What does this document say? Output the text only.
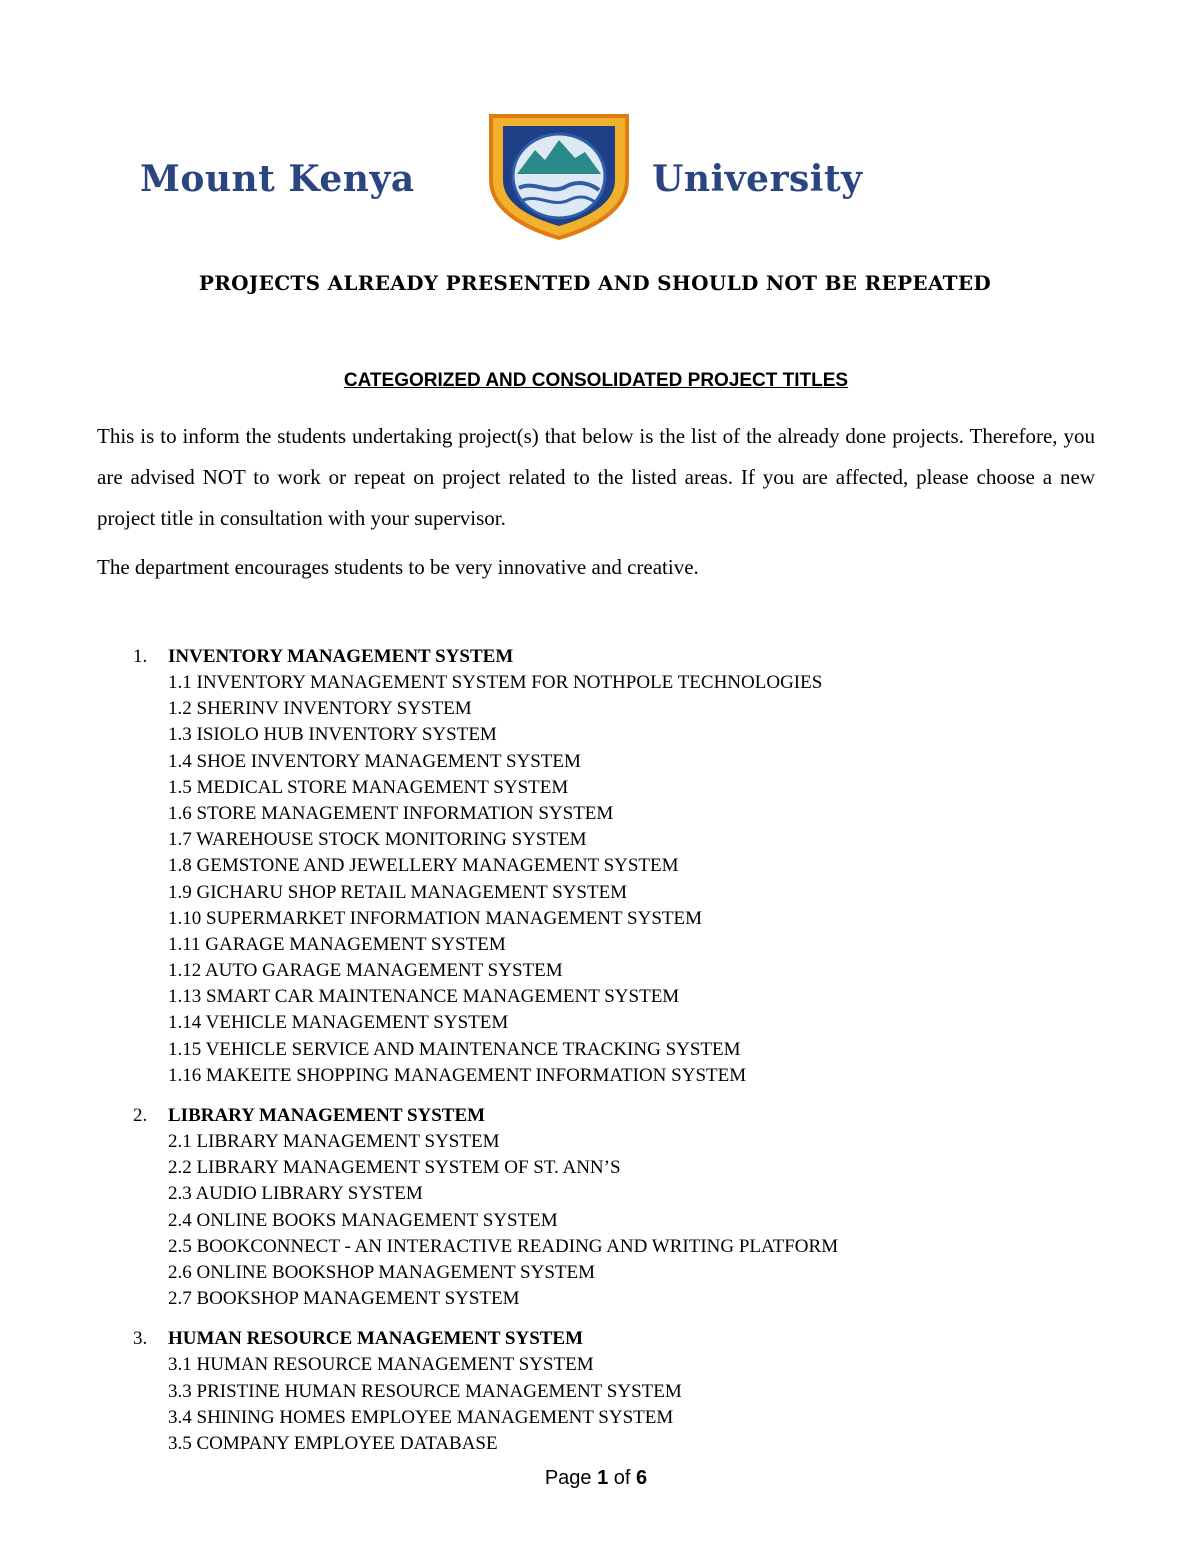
Mount Kenya	University
PROJECTS ALREADY PRESENTED AND SHOULD NOT BE REPEATED
CATEGORIZED AND CONSOLIDATED PROJECT TITLES

This is to inform the students undertaking project(s) that below is the list of the already done projects. Therefore, you are advised NOT to work or repeat on project related to the listed areas. If you are affected, please choose a new project title in consultation with your supervisor.

The department encourages students to be very innovative and creative.
1. INVENTORY MANAGEMENT SYSTEM
1.1 INVENTORY MANAGEMENT SYSTEM FOR NOTHPOLE TECHNOLOGIES
1.2 SHERINV INVENTORY SYSTEM
1.3 ISIOLO HUB INVENTORY SYSTEM
1.4 SHOE INVENTORY MANAGEMENT SYSTEM
1.5 MEDICAL STORE MANAGEMENT SYSTEM
1.6 STORE MANAGEMENT INFORMATION SYSTEM
1.7 WAREHOUSE STOCK MONITORING SYSTEM
1.8 GEMSTONE AND JEWELLERY MANAGEMENT SYSTEM
1.9 GICHARU SHOP RETAIL MANAGEMENT SYSTEM
1.10 SUPERMARKET INFORMATION MANAGEMENT SYSTEM
1.11 GARAGE MANAGEMENT SYSTEM
1.12 AUTO GARAGE MANAGEMENT SYSTEM
1.13 SMART CAR MAINTENANCE MANAGEMENT SYSTEM
1.14 VEHICLE MANAGEMENT SYSTEM
1.15 VEHICLE SERVICE AND MAINTENANCE TRACKING SYSTEM
1.16 MAKEITE SHOPPING MANAGEMENT INFORMATION SYSTEM
2. LIBRARY MANAGEMENT SYSTEM
2.1 LIBRARY MANAGEMENT SYSTEM
2.2 LIBRARY MANAGEMENT SYSTEM OF ST. ANN’S
2.3 AUDIO LIBRARY SYSTEM
2.4 ONLINE BOOKS MANAGEMENT SYSTEM
2.5 BOOKCONNECT - AN INTERACTIVE READING AND WRITING PLATFORM
2.6 ONLINE BOOKSHOP MANAGEMENT SYSTEM
2.7 BOOKSHOP MANAGEMENT SYSTEM
3. HUMAN RESOURCE MANAGEMENT SYSTEM
3.1 HUMAN RESOURCE MANAGEMENT SYSTEM
3.3 PRISTINE HUMAN RESOURCE MANAGEMENT SYSTEM
3.4 SHINING HOMES EMPLOYEE MANAGEMENT SYSTEM
3.5 COMPANY EMPLOYEE DATABASE
Page 1 of 6
